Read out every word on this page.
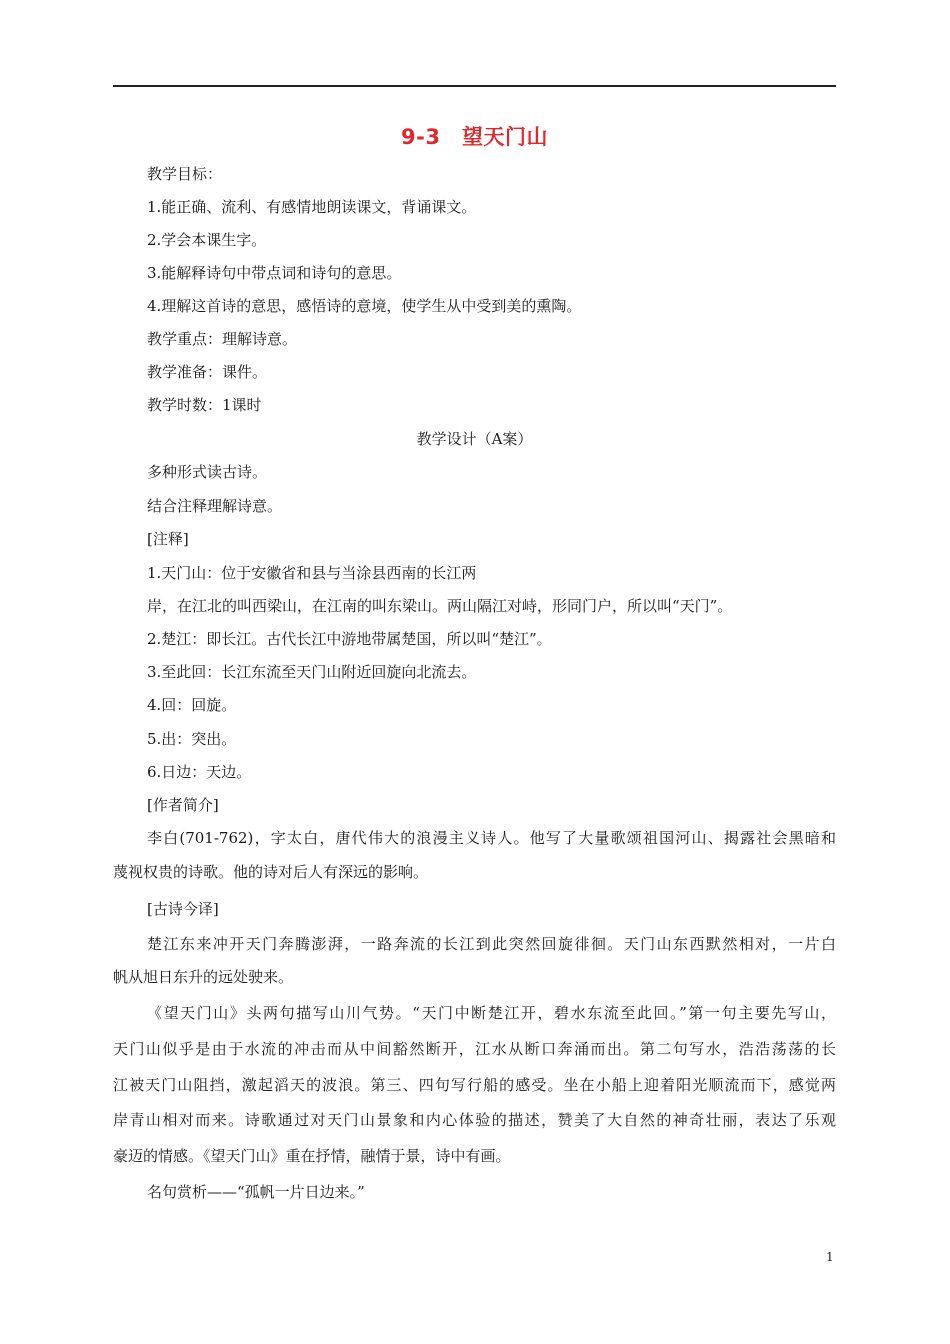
9-3　望天门山
教学目标：
1.能正确、流利、有感情地朗读课文，背诵课文。
2.学会本课生字。
3.能解释诗句中带点词和诗句的意思。
4.理解这首诗的意思，感悟诗的意境，使学生从中受到美的熏陶。
教学重点：理解诗意。
教学准备：课件。
教学时数：1课时
教学设计（A案）
多种形式读古诗。
结合注释理解诗意。
[注释]
1.天门山：位于安徽省和县与当涂县西南的长江两
岸，在江北的叫西梁山，在江南的叫东梁山。两山隔江对峙，形同门户，所以叫“天门”。
2.楚江：即长江。古代长江中游地带属楚国，所以叫“楚江”。
3.至此回：长江东流至天门山附近回旋向北流去。
4.回：回旋。
5.出：突出。
6.日边：天边。
[作者简介]
李白(701-762)，字太白，唐代伟大的浪漫主义诗人。他写了大量歌颂祖国河山、揭露社会黑暗和
蔑视权贵的诗歌。他的诗对后人有深远的影响。
[古诗今译]
楚江东来冲开天门奔腾澎湃，一路奔流的长江到此突然回旋徘徊。天门山东西默然相对，一片白
帆从旭日东升的远处驶来。
《望天门山》头两句描写山川气势。“天门中断楚江开，碧水东流至此回。”第一句主要先写山，
天门山似乎是由于水流的冲击而从中间豁然断开，江水从断口奔涌而出。第二句写水，浩浩荡荡的长
江被天门山阻挡，激起滔天的波浪。第三、四句写行船的感受。坐在小船上迎着阳光顺流而下，感觉两
岸青山相对而来。诗歌通过对天门山景象和内心体验的描述，赞美了大自然的神奇壮丽，表达了乐观
豪迈的情感。《望天门山》重在抒情，融情于景，诗中有画。
名句赏析——“孤帆一片日边来。”
1
